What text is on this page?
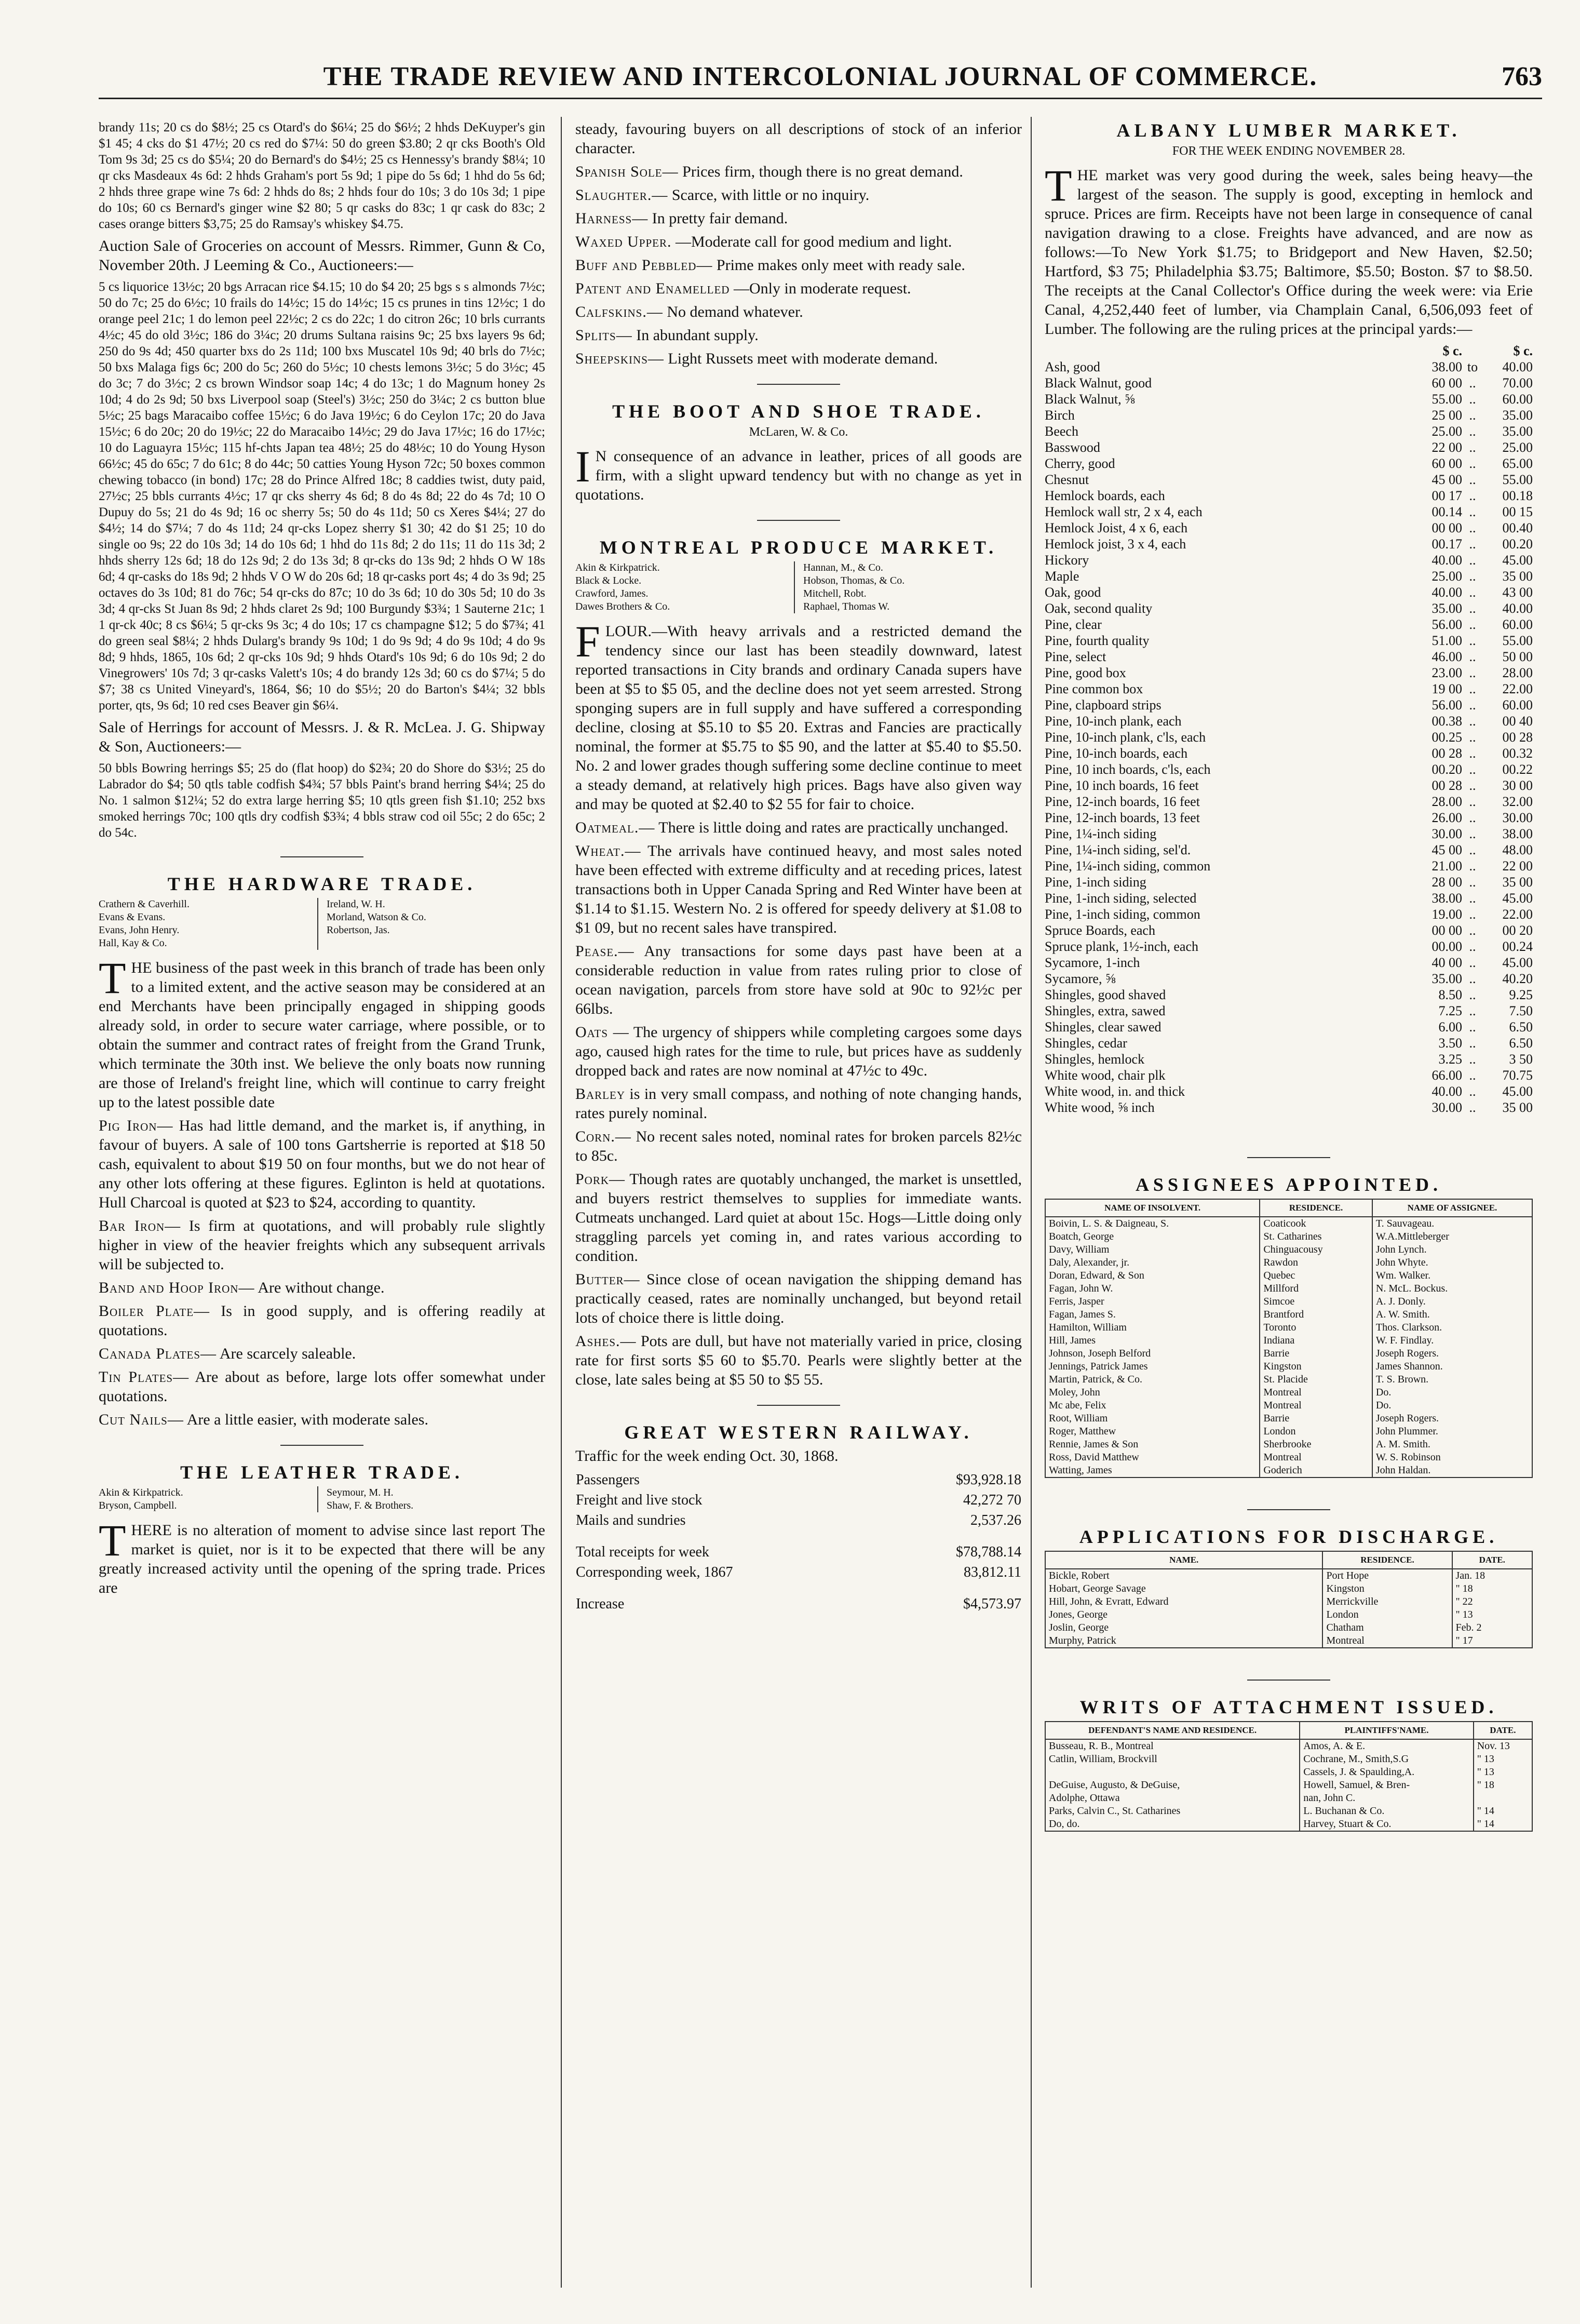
THE TRADE REVIEW AND INTERCOLONIAL JOURNAL OF COMMERCE.	763

brandy 11s; 20 cs do $8½; 25 cs Otard's do $6¼; 25 do $6½; 2 hhds DeKuyper's gin $1 45; 4 cks do $1 47½; 20 cs red do $7¼: 50 do green $3.80; 2 qr cks Booth's Old Tom 9s 3d; 25 cs do $5¼; 20 do Bernard's do $4½; 25 cs Hennessy's brandy $8¼; 10 qr cks Masdeaux 4s 6d: 2 hhds Graham's port 5s 9d; 1 pipe do 5s 6d; 1 hhd do 5s 6d; 2 hhds three grape wine 7s 6d: 2 hhds do 8s; 2 hhds four do 10s; 3 do 10s 3d; 1 pipe do 10s; 60 cs Bernard's ginger wine $2 80; 5 qr casks do 83c; 1 qr cask do 83c; 2 cases orange bitters $3,75; 25 do Ramsay's whiskey $4.75.

Auction Sale of Groceries on account of Messrs. Rimmer, Gunn & Co, November 20th. J Leeming & Co., Auctioneers:—

5 cs liquorice 13½c; 20 bgs Arracan rice $4.15; 10 do $4 20; 25 bgs s s almonds 7½c; 50 do 7c; 25 do 6½c; 10 frails do 14½c; 15 do 14½c; 15 cs prunes in tins 12½c; 1 do orange peel 21c; 1 do lemon peel 22½c; 2 cs do 22c; 1 do citron 26c; 10 brls currants 4½c; 45 do old 3½c; 186 do 3¼c; 20 drums Sultana raisins 9c; 25 bxs layers 9s 6d; 250 do 9s 4d; 450 quarter bxs do 2s 11d; 100 bxs Muscatel 10s 9d; 40 brls do 7½c; 50 bxs Malaga figs 6c; 200 do 5c; 260 do 5½c; 10 chests lemons 3½c; 5 do 3½c; 45 do 3c; 7 do 3½c; 2 cs brown Windsor soap 14c; 4 do 13c; 1 do Magnum honey 2s 10d; 4 do 2s 9d; 50 bxs Liverpool soap (Steel's) 3½c; 250 do 3¼c; 2 cs button blue 5½c; 25 bags Maracaibo coffee 15½c; 6 do Java 19½c; 6 do Ceylon 17c; 20 do Java 15½c; 6 do 20c; 20 do 19½c; 22 do Maracaibo 14½c; 29 do Java 17½c; 16 do 17½c; 10 do Laguayra 15½c; 115 hf-chts Japan tea 48½; 25 do 48½c; 10 do Young Hyson 66½c; 45 do 65c; 7 do 61c; 8 do 44c; 50 catties Young Hyson 72c; 50 boxes common chewing tobacco (in bond) 17c; 28 do Prince Alfred 18c; 8 caddies twist, duty paid, 27½c; 25 bbls currants 4½c; 17 qr cks sherry 4s 6d; 8 do 4s 8d; 22 do 4s 7d; 10 O Dupuy do 5s; 21 do 4s 9d; 16 oc sherry 5s; 50 do 4s 11d; 50 cs Xeres $4¼; 27 do $4½; 14 do $7¼; 7 do 4s 11d; 24 qr-cks Lopez sherry $1 30; 42 do $1 25; 10 do single oo 9s; 22 do 10s 3d; 14 do 10s 6d; 1 hhd do 11s 8d; 2 do 11s; 11 do 11s 3d; 2 hhds sherry 12s 6d; 18 do 12s 9d; 2 do 13s 3d; 8 qr-cks do 13s 9d; 2 hhds O W 18s 6d; 4 qr-casks do 18s 9d; 2 hhds V O W do 20s 6d; 18 qr-casks port 4s; 4 do 3s 9d; 25 octaves do 3s 10d; 81 do 76c; 54 qr-cks do 87c; 10 do 3s 6d; 10 do 30s 5d; 10 do 3s 3d; 4 qr-cks St Juan 8s 9d; 2 hhds claret 2s 9d; 100 Burgundy $3¾; 1 Sauterne 21c; 1 1 qr-ck 40c; 8 cs $6¼; 5 qr-cks 9s 3c; 4 do 10s; 17 cs champagne $12; 5 do $7¾; 41 do green seal $8¼; 2 hhds Dularg's brandy 9s 10d; 1 do 9s 9d; 4 do 9s 10d; 4 do 9s 8d; 9 hhds, 1865, 10s 6d; 2 qr-cks 10s 9d; 9 hhds Otard's 10s 9d; 6 do 10s 9d; 2 do Vinegrowers' 10s 7d; 3 qr-casks Valett's 10s; 4 do brandy 12s 3d; 60 cs do $7¼; 5 do $7; 38 cs United Vineyard's, 1864, $6; 10 do $5½; 20 do Barton's $4¼; 32 bbls porter, qts, 9s 6d; 10 red cses Beaver gin $6¼.

Sale of Herrings for account of Messrs. J. & R. McLea. J. G. Shipway & Son, Auctioneers:—

50 bbls Bowring herrings $5; 25 do (flat hoop) do $2¾; 20 do Shore do $3½; 25 do Labrador do $4; 50 qtls table codfish $4¾; 57 bbls Paint's brand herring $4¼; 25 do No. 1 salmon $12¼; 52 do extra large herring $5; 10 qtls green fish $1.10; 252 bxs smoked herrings 70c; 100 qtls dry codfish $3¾; 4 bbls straw cod oil 55c; 2 do 65c; 2 do 54c.

THE HARDWARE TRADE.
Crathern & Caverhill.
Evans & Evans.
Evans, John Henry.
Hall, Kay & Co.
Ireland, W. H.
Morland, Watson & Co.
Robertson, Jas.

THE business of the past week in this branch of trade has been only to a limited extent, and the active season may be considered at an end Merchants have been principally engaged in shipping goods already sold, in order to secure water carriage, where possible, or to obtain the summer and contract rates of freight from the Grand Trunk, which terminate the 30th inst. We believe the only boats now running are those of Ireland's freight line, which will continue to carry freight up to the latest possible date

Pig Iron— Has had little demand, and the market is, if anything, in favour of buyers. A sale of 100 tons Gartsherrie is reported at $18 50 cash, equivalent to about $19 50 on four months, but we do not hear of any other lots offering at these figures. Eglinton is held at quotations. Hull Charcoal is quoted at $23 to $24, according to quantity.

Bar Iron— Is firm at quotations, and will probably rule slightly higher in view of the heavier freights which any subsequent arrivals will be subjected to.

Band and Hoop Iron— Are without change.

Boiler Plate— Is in good supply, and is offering readily at quotations.

Canada Plates— Are scarcely saleable.

Tin Plates— Are about as before, large lots offer somewhat under quotations.

Cut Nails— Are a little easier, with moderate sales.

THE LEATHER TRADE.
Akin & Kirkpatrick.
Bryson, Campbell.
Seymour, M. H.
Shaw, F. & Brothers.

THERE is no alteration of moment to advise since last report The market is quiet, nor is it to be expected that there will be any greatly increased activity until the opening of the spring trade. Prices are

steady, favouring buyers on all descriptions of stock of an inferior character.

Spanish Sole— Prices firm, though there is no great demand.

Slaughter.— Scarce, with little or no inquiry.

Harness— In pretty fair demand.

Waxed Upper. —Moderate call for good medium and light.

Buff and Pebbled— Prime makes only meet with ready sale.

Patent and Enamelled —Only in moderate request.

Calfskins.— No demand whatever.

Splits— In abundant supply.

Sheepskins— Light Russets meet with moderate demand.

THE BOOT AND SHOE TRADE.
McLaren, W. & Co.

I N consequence of an advance in leather, prices of all goods are firm, with a slight upward tendency but with no change as yet in quotations.

MONTREAL PRODUCE MARKET.
Akin & Kirkpatrick.
Black & Locke.
Crawford, James.
Dawes Brothers & Co.
Hannan, M., & Co.
Hobson, Thomas, & Co.
Mitchell, Robt.
Raphael, Thomas W.

FLOUR.—With heavy arrivals and a restricted demand the tendency since our last has been steadily downward, latest reported transactions in City brands and ordinary Canada supers have been at $5 to $5 05, and the decline does not yet seem arrested. Strong sponging supers are in full supply and have suffered a corresponding decline, closing at $5.10 to $5 20. Extras and Fancies are practically nominal, the former at $5.75 to $5 90, and the latter at $5.40 to $5.50. No. 2 and lower grades though suffering some decline continue to meet a steady demand, at relatively high prices. Bags have also given way and may be quoted at $2.40 to $2 55 for fair to choice.

Oatmeal.— There is little doing and rates are practically unchanged.

Wheat.— The arrivals have continued heavy, and most sales noted have been effected with extreme difficulty and at receding prices, latest transactions both in Upper Canada Spring and Red Winter have been at $1.14 to $1.15. Western No. 2 is offered for speedy delivery at $1.08 to $1 09, but no recent sales have transpired.

Pease.— Any transactions for some days past have been at a considerable reduction in value from rates ruling prior to close of ocean navigation, parcels from store have sold at 90c to 92½c per 66lbs.

Oats — The urgency of shippers while completing cargoes some days ago, caused high rates for the time to rule, but prices have as suddenly dropped back and rates are now nominal at 47½c to 49c.

Barley is in very small compass, and nothing of note changing hands, rates purely nominal.

Corn.— No recent sales noted, nominal rates for broken parcels 82½c to 85c.

Pork— Though rates are quotably unchanged, the market is unsettled, and buyers restrict themselves to supplies for immediate wants. Cutmeats unchanged. Lard quiet at about 15c. Hogs—Little doing only straggling parcels yet coming in, and rates various according to condition.

Butter— Since close of ocean navigation the shipping demand has practically ceased, rates are nominally unchanged, but beyond retail lots of choice there is little doing.

Ashes.— Pots are dull, but have not materially varied in price, closing rate for first sorts $5 60 to $5.70. Pearls were slightly better at the close, late sales being at $5 50 to $5 55.

GREAT WESTERN RAILWAY.

Traffic for the week ending Oct. 30, 1868.

Passengers	$93,928.18
Freight and live stock	42,272 70
Mails and sundries	2,537.26

Total receipts for week	$78,788.14
Corresponding week, 1867	83,812.11

Increase	$4,573.97
ALBANY LUMBER MARKET.
FOR THE WEEK ENDING NOVEMBER 28.

THE market was very good during the week, sales being heavy—the largest of the season. The supply is good, excepting in hemlock and spruce. Prices are firm. Receipts have not been large in consequence of canal navigation drawing to a close. Freights have advanced, and are now as follows:—To New York $1.75; to Bridgeport and New Haven, $2.50; Hartford, $3 75; Philadelphia $3.75; Baltimore, $5.50; Boston. $7 to $8.50. The receipts at the Canal Collector's Office during the week were: via Erie Canal, 4,252,440 feet of lumber, via Champlain Canal, 6,506,093 feet of Lumber. The following are the ruling prices at the principal yards:—

	$ c.		$ c.
Ash, good	38.00	to	40.00
Black Walnut, good	60 00	..	70.00
Black Walnut, ⅝	55.00	..	60.00
Birch	25 00	..	35.00
Beech	25.00	..	35.00
Basswood	22 00	..	25.00
Cherry, good	60 00	..	65.00
Chesnut	45 00	..	55.00
Hemlock boards, each	00 17	..	00.18
Hemlock wall str, 2 x 4, each	00.14	..	00 15
Hemlock Joist, 4 x 6, each	00 00	..	00.40
Hemlock joist, 3 x 4, each	00.17	..	00.20
Hickory	40.00	..	45.00
Maple	25.00	..	35 00
Oak, good	40.00	..	43 00
Oak, second quality	35.00	..	40.00
Pine, clear	56.00	..	60.00
Pine, fourth quality	51.00	..	55.00
Pine, select	46.00	..	50 00
Pine, good box	23.00	..	28.00
Pine common box	19 00	..	22.00
Pine, clapboard strips	56.00	..	60.00
Pine, 10-inch plank, each	00.38	..	00 40
Pine, 10-inch plank, c'ls, each	00.25	..	00 28
Pine, 10-inch boards, each	00 28	..	00.32
Pine, 10 inch boards, c'ls, each	00.20	..	00.22
Pine, 10 inch boards, 16 feet	00 28	..	30 00
Pine, 12-inch boards, 16 feet	28.00	..	32.00
Pine, 12-inch boards, 13 feet	26.00	..	30.00
Pine, 1¼-inch siding	30.00	..	38.00
Pine, 1¼-inch siding, sel'd.	45 00	..	48.00
Pine, 1¼-inch siding, common	21.00	..	22 00
Pine, 1-inch siding	28 00	..	35 00
Pine, 1-inch siding, selected	38.00	..	45.00
Pine, 1-inch siding, common	19.00	..	22.00
Spruce Boards, each	00 00	..	00 20
Spruce plank, 1½-inch, each	00.00	..	00.24
Sycamore, 1-inch	40 00	..	45.00
Sycamore, ⅝	35.00	..	40.20
Shingles, good shaved	8.50	..	9.25
Shingles, extra, sawed	7.25	..	7.50
Shingles, clear sawed	6.00	..	6.50
Shingles, cedar	3.50	..	6.50
Shingles, hemlock	3.25	..	3 50
White wood, chair plk	66.00	..	70.75
White wood, in. and thick	40.00	..	45.00
White wood, ⅝ inch	30.00	..	35 00
ASSIGNEES APPOINTED.
NAME OF INSOLVENT.	RESIDENCE.	NAME OF ASSIGNEE.
Boivin, L. S. & Daigneau, S.	Coaticook	T. Sauvageau.
Boatch, George	St. Catharines	W.A.Mittleberger
Davy, William	Chinguacousy	John Lynch.
Daly, Alexander, jr.	Rawdon	John Whyte.
Doran, Edward, & Son	Quebec	Wm. Walker.
Fagan, John W.	Millford	N. McL. Bockus.
Ferris, Jasper	Simcoe	A. J. Donly.
Fagan, James S.	Brantford	A. W. Smith.
Hamilton, William	Toronto	Thos. Clarkson.
Hill, James	Indiana	W. F. Findlay.
Johnson, Joseph Belford	Barrie	Joseph Rogers.
Jennings, Patrick James	Kingston	James Shannon.
Martin, Patrick, & Co.	St. Placide	T. S. Brown.
Moley, John	Montreal	Do.
Mc abe, Felix	Montreal	Do.
Root, William	Barrie	Joseph Rogers.
Roger, Matthew	London	John Plummer.
Rennie, James & Son	Sherbrooke	A. M. Smith.
Ross, David Matthew	Montreal	W. S. Robinson
Watting, James	Goderich	John Haldan.
APPLICATIONS FOR DISCHARGE.
NAME.	RESIDENCE.	DATE.
Bickle, Robert	Port Hope	Jan. 18
Hobart, George Savage	Kingston	" 18
Hill, John, & Evratt, Edward	Merrickville	" 22
Jones, George	London	" 13
Joslin, George	Chatham	Feb. 2
Murphy, Patrick	Montreal	" 17
WRITS OF ATTACHMENT ISSUED.
DEFENDANT'S NAME AND RESIDENCE.	PLAINTIFFS'NAME.	DATE.
Busseau, R. B., Montreal	Amos, A. & E.	Nov. 13
Catlin, William, Brockvill	Cochrane, M., Smith,S.G	" 13
	Cassels, J. & Spaulding,A.	" 13
DeGuise, Augusto, & DeGuise,	Howell, Samuel, & Bren-	" 18
Adolphe, Ottawa	nan, John C.	
Parks, Calvin C., St. Catharines	L. Buchanan & Co.	" 14
Do, do.	Harvey, Stuart & Co.	" 14
